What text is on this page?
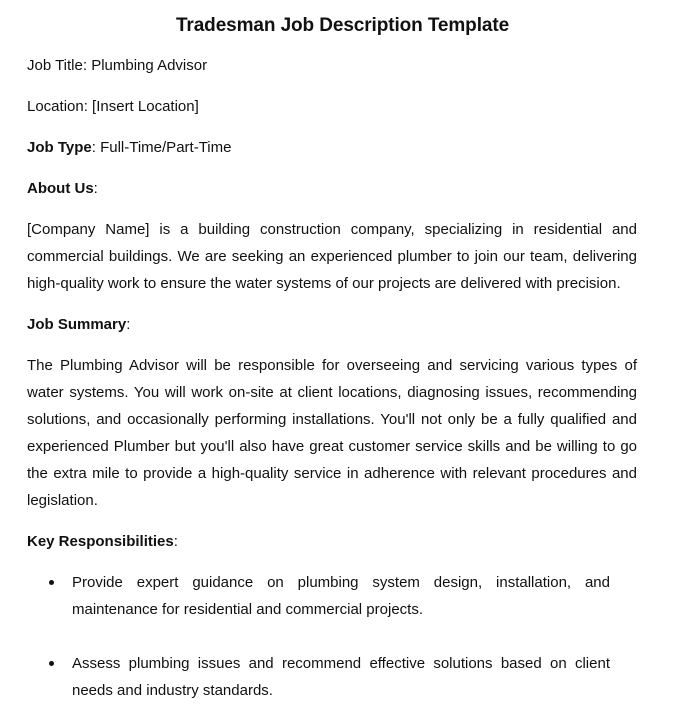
Tradesman Job Description Template

Job Title: Plumbing Advisor

Location: [Insert Location]

Job Type: Full-Time/Part-Time

About Us:

[Company Name] is a building construction company, specializing in residential and commercial buildings. We are seeking an experienced plumber to join our team, delivering high-quality work to ensure the water systems of our projects are delivered with precision.

Job Summary:

The Plumbing Advisor will be responsible for overseeing and servicing various types of water systems. You will work on-site at client locations, diagnosing issues, recommending solutions, and occasionally performing installations. You'll not only be a fully qualified and experienced Plumber but you'll also have great customer service skills and be willing to go the extra mile to provide a high-quality service in adherence with relevant procedures and legislation.

Key Responsibilities:

Provide expert guidance on plumbing system design, installation, and maintenance for residential and commercial projects.
Assess plumbing issues and recommend effective solutions based on client needs and industry standards.
